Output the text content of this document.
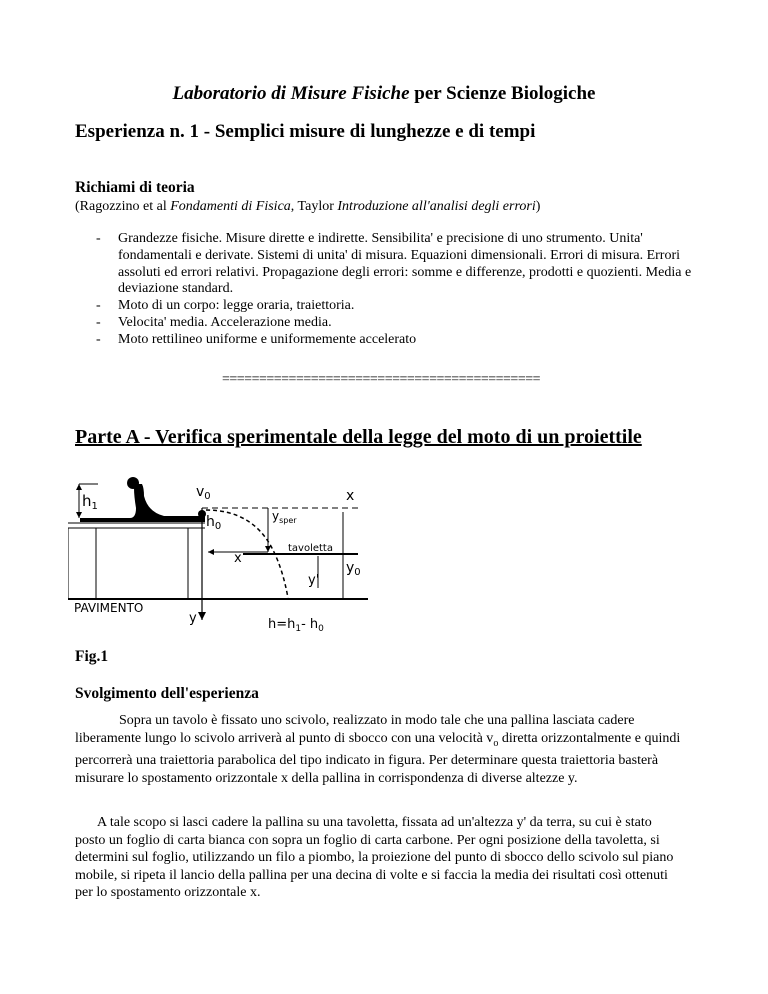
Laboratorio di Misure Fisiche per Scienze Biologiche
Esperienza n. 1 - Semplici misure di lunghezze e di tempi
Richiami di teoria
(Ragozzino et al Fondamenti di Fisica, Taylor Introduzione all'analisi degli errori)
- Grandezze fisiche. Misure dirette e indirette. Sensibilita' e precisione di uno strumento. Unita' fondamentali e derivate. Sistemi di unita' di misura. Equazioni dimensionali. Errori di misura. Errori assoluti ed errori relativi. Propagazione degli errori: somme e differenze, prodotti e quozienti. Media e deviazione standard.
- Moto di un corpo: legge oraria, traiettoria.
- Velocita' media. Accelerazione media.
- Moto rettilineo uniforme e uniformemente accelerato
===========================================
Parte A - Verifica sperimentale della legge del moto di un proiettile
$h_1$
$v_0$	x
$h_0$
$y_{sper}$
tavoletta
x
y'
$y_0$
PAVIMENTO
y	$h=h_1-$ $h_0$
Fig.1
Svolgimento dell'esperienza

Sopra un tavolo è fissato uno scivolo, realizzato in modo tale che una pallina lasciata cadere liberamente lungo lo scivolo arriverà al punto di sbocco con una velocità $v_o$ diretta orizzontalmente e quindi percorrerà una traiettoria parabolica del tipo indicato in figura. Per determinare questa traiettoria basterà misurare lo spostamento orizzontale x della pallina in corrispondenza di diverse altezze y.

A tale scopo si lasci cadere la pallina su una tavoletta, fissata ad un'altezza y' da terra, su cui è stato posto un foglio di carta bianca con sopra un foglio di carta carbone. Per ogni posizione della tavoletta, si determini sul foglio, utilizzando un filo a piombo, la proiezione del punto di sbocco dello scivolo sul piano mobile, si ripeta il lancio della pallina per una decina di volte e si faccia la media dei risultati così ottenuti per lo spostamento orizzontale x.
